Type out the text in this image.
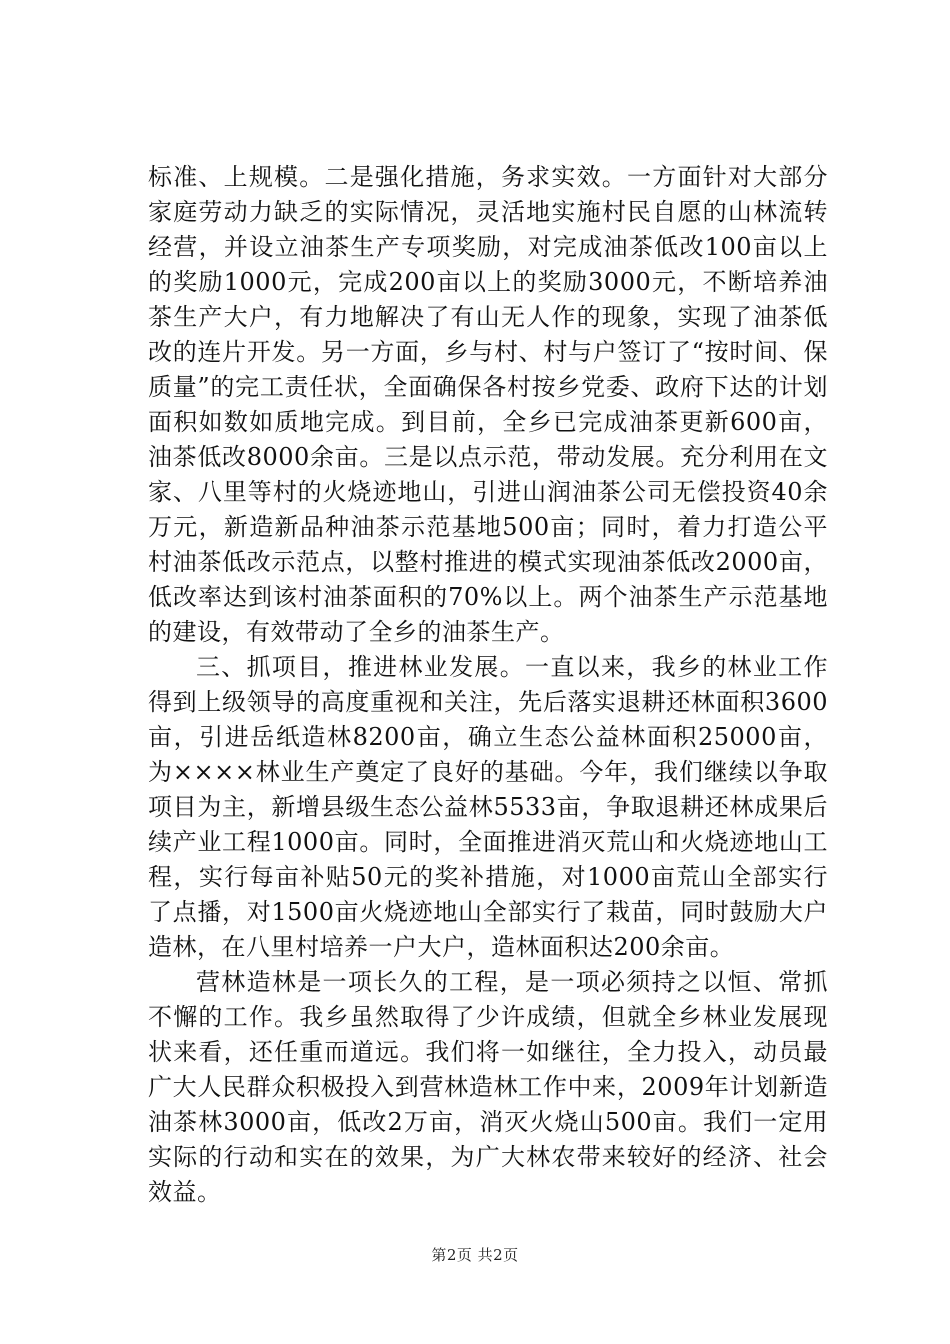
标准、上规模。二是强化措施，务求实效。一方面针对大部分家庭劳动力缺乏的实际情况，灵活地实施村民自愿的山林流转经营，并设立油茶生产专项奖励，对完成油茶低改100亩以上的奖励1000元，完成200亩以上的奖励3000元，不断培养油茶生产大户，有力地解决了有山无人作的现象，实现了油茶低改的连片开发。另一方面，乡与村、村与户签订了“按时间、保质量”的完工责任状，全面确保各村按乡党委、政府下达的计划面积如数如质地完成。到目前，全乡已完成油茶更新600亩，油茶低改8000余亩。三是以点示范，带动发展。充分利用在文家、八里等村的火烧迹地山，引进山润油茶公司无偿投资40余万元，新造新品种油茶示范基地500亩；同时，着力打造公平村油茶低改示范点，以整村推进的模式实现油茶低改2000亩，低改率达到该村油茶面积的70%以上。两个油茶生产示范基地的建设，有效带动了全乡的油茶生产。

三、抓项目，推进林业发展。一直以来，我乡的林业工作得到上级领导的高度重视和关注，先后落实退耕还林面积3600亩，引进岳纸造林8200亩，确立生态公益林面积25000亩，为××××林业生产奠定了良好的基础。今年，我们继续以争取项目为主，新增县级生态公益林5533亩，争取退耕还林成果后续产业工程1000亩。同时，全面推进消灭荒山和火烧迹地山工程，实行每亩补贴50元的奖补措施，对1000亩荒山全部实行了点播，对1500亩火烧迹地山全部实行了栽苗，同时鼓励大户造林，在八里村培养一户大户，造林面积达200余亩。

营林造林是一项长久的工程，是一项必须持之以恒、常抓不懈的工作。我乡虽然取得了少许成绩，但就全乡林业发展现状来看，还任重而道远。我们将一如继往，全力投入，动员最广大人民群众积极投入到营林造林工作中来，2009年计划新造油茶林3000亩，低改2万亩，消灭火烧山500亩。我们一定用实际的行动和实在的效果，为广大林农带来较好的经济、社会效益。

第2页 共2页
